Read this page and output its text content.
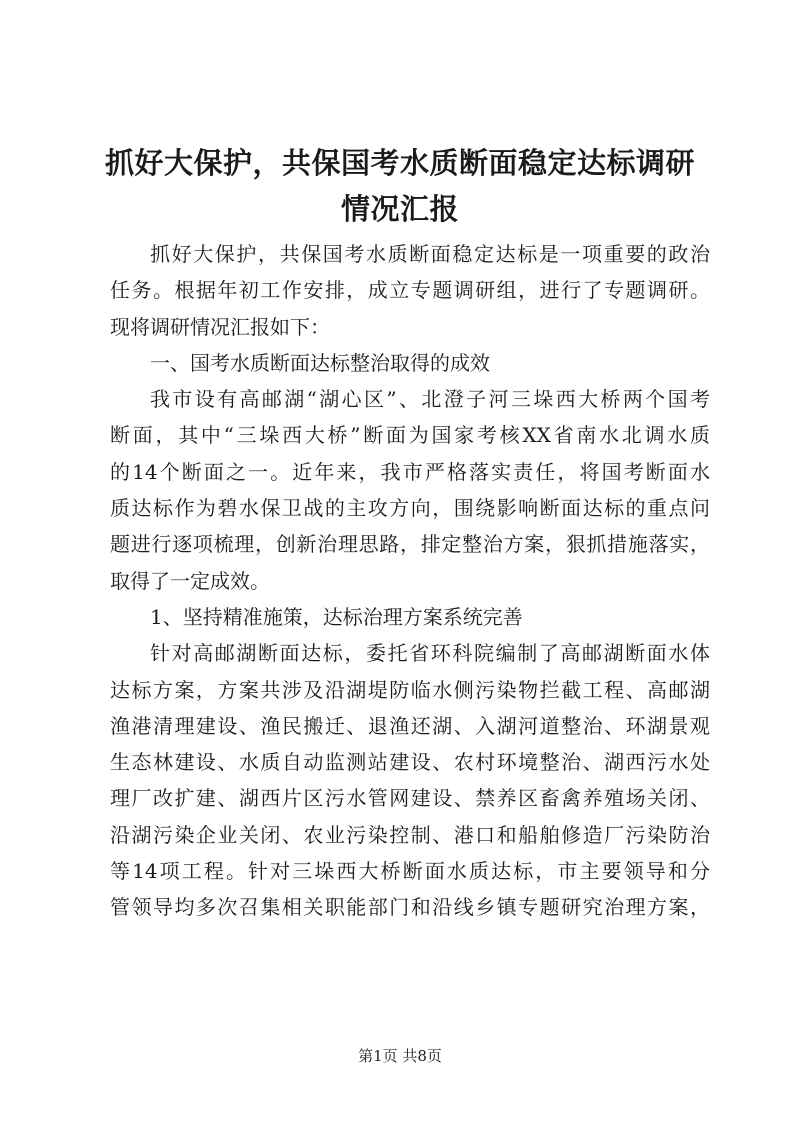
抓好大保护，共保国考水质断面稳定达标调研
情况汇报
抓好大保护，共保国考水质断面稳定达标是一项重要的政治
任务。根据年初工作安排，成立专题调研组，进行了专题调研。
现将调研情况汇报如下：
一、国考水质断面达标整治取得的成效
我市设有高邮湖“湖心区”、北澄子河三垛西大桥两个国考
断面，其中“三垛西大桥”断面为国家考核XX省南水北调水质
的14个断面之一。近年来，我市严格落实责任，将国考断面水
质达标作为碧水保卫战的主攻方向，围绕影响断面达标的重点问
题进行逐项梳理，创新治理思路，排定整治方案，狠抓措施落实，
取得了一定成效。
1、坚持精准施策，达标治理方案系统完善
针对高邮湖断面达标，委托省环科院编制了高邮湖断面水体
达标方案，方案共涉及沿湖堤防临水侧污染物拦截工程、高邮湖
渔港清理建设、渔民搬迁、退渔还湖、入湖河道整治、环湖景观
生态林建设、水质自动监测站建设、农村环境整治、湖西污水处
理厂改扩建、湖西片区污水管网建设、禁养区畜禽养殖场关闭、
沿湖污染企业关闭、农业污染控制、港口和船舶修造厂污染防治
等14项工程。针对三垛西大桥断面水质达标，市主要领导和分
管领导均多次召集相关职能部门和沿线乡镇专题研究治理方案，
第1页 共8页
